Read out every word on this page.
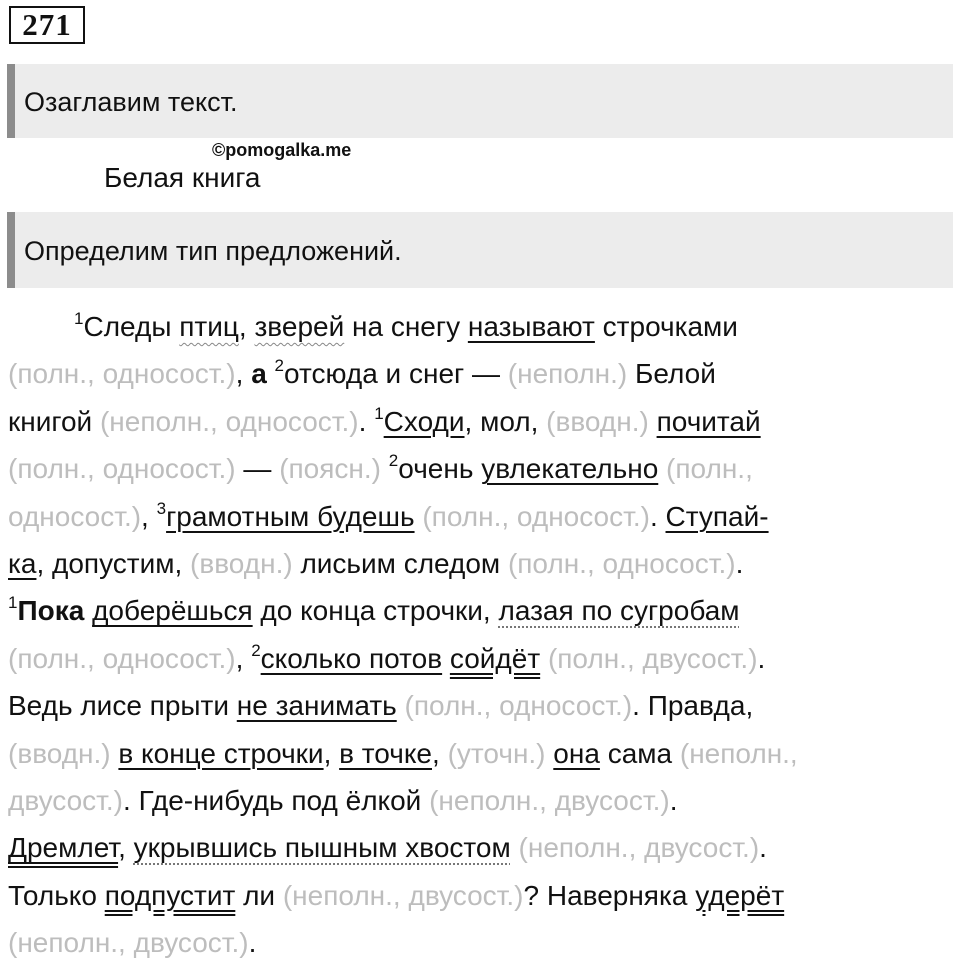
271
Озаглавим текст.
©pomogalka.me
Белая книга
Определим тип предложений.
$^1$Следы птиц, зверей на снегу называют строчками
(полн., односост.), а $^2$отсюда и снег — (неполн.) Белой
книгой (неполн., односост.). $^1$Сходи, мол, (вводн.) почитай
(полн., односост.) — (поясн.) $^2$очень увлекательно (полн.,
односост.), $^3$грамотным будешь (полн., односост.). Ступай-
ка, допустим, (вводн.) лисьим следом (полн., односост.).
$^1$Пока доберёшься до конца строчки, лазая по сугробам
(полн., односост.), $^2$сколько потов сойдёт (полн., двусост.).
Ведь лисе прыти не занимать (полн., односост.). Правда,
(вводн.) в конце строчки, в точке, (уточн.) она сама (неполн.,
двусост.). Где-нибудь под ёлкой (неполн., двусост.).
Дремлет, укрывшись пышным хвостом (неполн., двусост.).
Только подпустит ли (неполн., двусост.)? Наверняка удерёт
(неполн., двусост.).
